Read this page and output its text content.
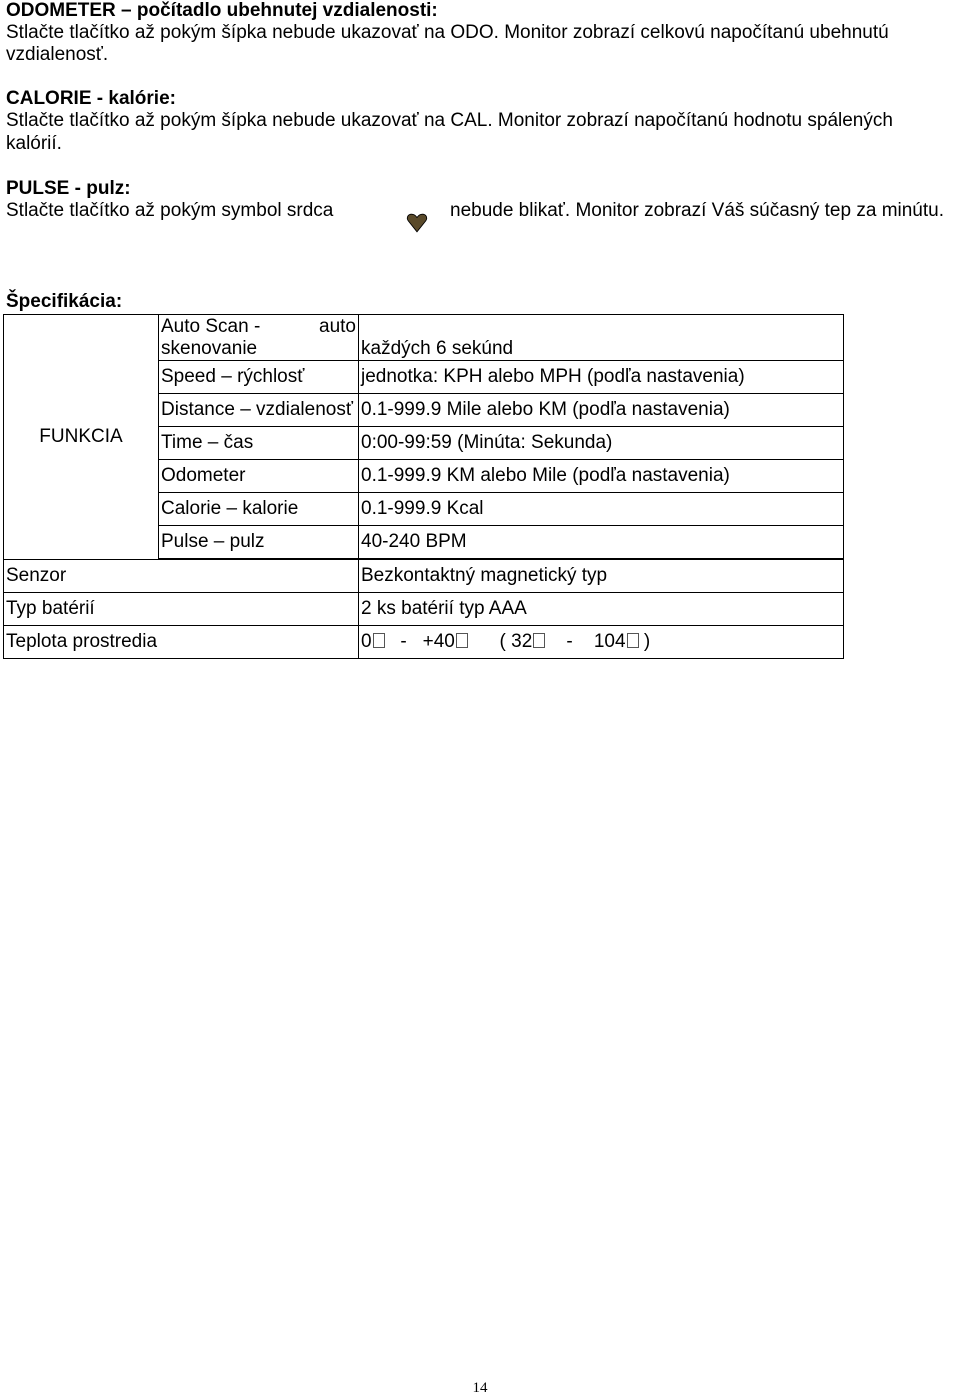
ODOMETER – počítadlo ubehnutej vzdialenosti:
Stlačte tlačítko až pokým šípka nebude ukazovať na ODO. Monitor zobrazí celkovú napočítanú ubehnutú
vzdialenosť.
CALORIE - kalórie:
Stlačte tlačítko až pokým šípka nebude ukazovať na CAL. Monitor zobrazí napočítanú hodnotu spálených
kalórií.
PULSE - pulz:
Stlačte tlačítko až pokým symbol srdca	nebude blikať. Monitor zobrazí Váš súčasný tep za minútu.
Špecifikácia:
FUNKCIA	Auto Scan - auto
skenovanie	každých 6 sekúnd
	Speed – rýchlosť	jednotka: KPH alebo MPH (podľa nastavenia)
	Distance – vzdialenosť	0.1-999.9 Mile alebo KM (podľa nastavenia)
	Time – čas	0:00-99:59 (Minúta: Sekunda)
	Odometer	0.1-999.9 KM alebo Mile (podľa nastavenia)
	Calorie – kalorie	0.1-999.9 Kcal
	Pulse – pulz	40-240 BPM

Senzor		Bezkontaktný magnetický typ
Typ batérií		2 ks batérií typ AAA
Teplota prostredia		0 - +40 ( 32 - 104 )
14
